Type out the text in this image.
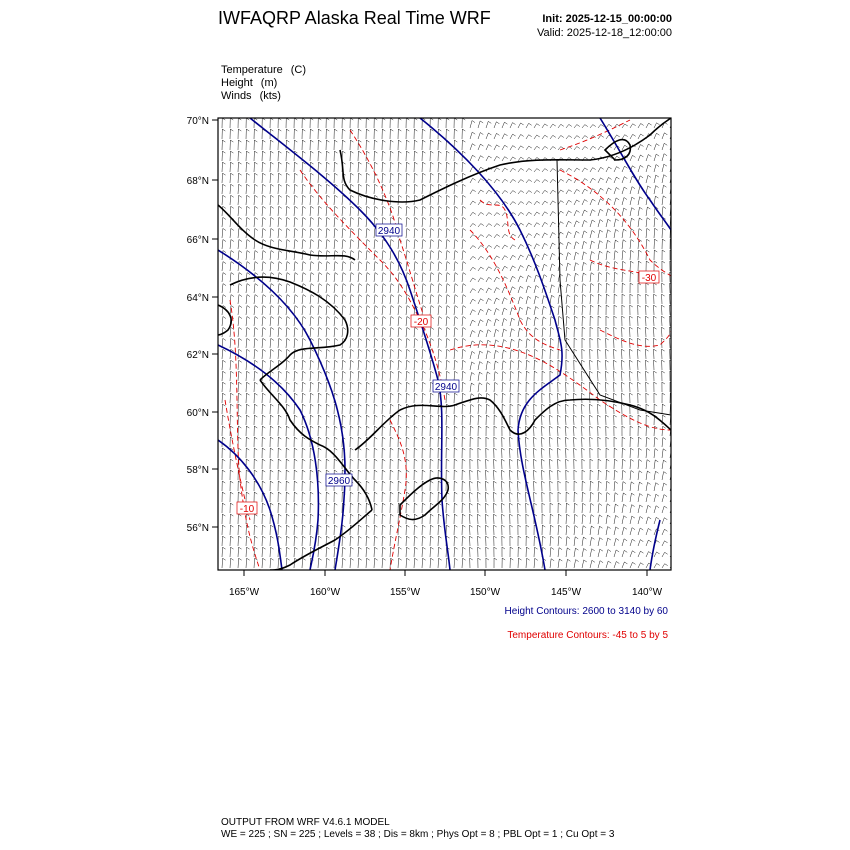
IWFAQRP Alaska Real Time WRF	Init: 2025-12-15_00:00:00
Valid: 2025-12-18_12:00:00
Temperature (C)
Height (m)
Winds (kts)
70°N
68°N
66°N
64°N
62°N
60°N
58°N
56°N
165°W	160°W	155°W	150°W	145°W	140°W
2940
2940
2960
-20
-30
-10
Height Contours: 2600 to 3140 by 60
Temperature Contours: -45 to 5 by 5
OUTPUT FROM WRF V4.6.1 MODEL
WE = 225 ; SN = 225 ; Levels = 38 ; Dis = 8km ; Phys Opt = 8 ; PBL Opt = 1 ; Cu Opt = 3
